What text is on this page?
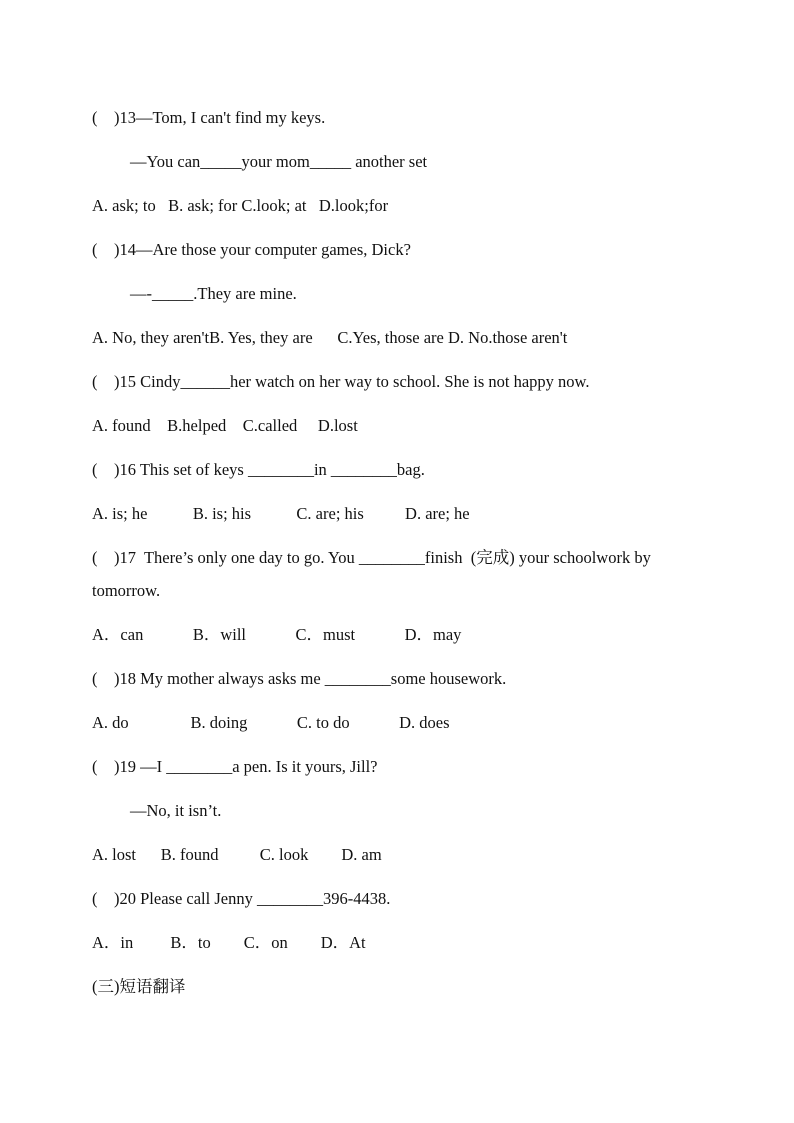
(    )13—Tom, I can't find my keys.
—You can_____your mom_____ another set
A. ask; to   B. ask; for C.look; at   D.look;for
(    )14—Are those your computer games, Dick?
—-_____.They are mine.
A. No, they aren'tB. Yes, they are      C.Yes, those are D. No.those aren't
(    )15 Cindy______her watch on her way to school. She is not happy now.
A. found    B.helped    C.called     D.lost
(    )16 This set of keys ________in ________bag.
A. is; he           B. is; his           C. are; his          D. are; he
(    )17  There’s only one day to go. You ________finish  (完成) your schoolwork by
tomorrow.
A．can            B．will            C．must            D．may
(    )18 My mother always asks me ________some housework.
A. do               B. doing            C. to do            D. does
(    )19 —I ________a pen. Is it yours, Jill?
—No, it isn’t.
A. lost      B. found          C. look        D. am
(    )20 Please call Jenny ________396-4438.
A．in         B．to        C．on        D．At
(三)短语翻译
